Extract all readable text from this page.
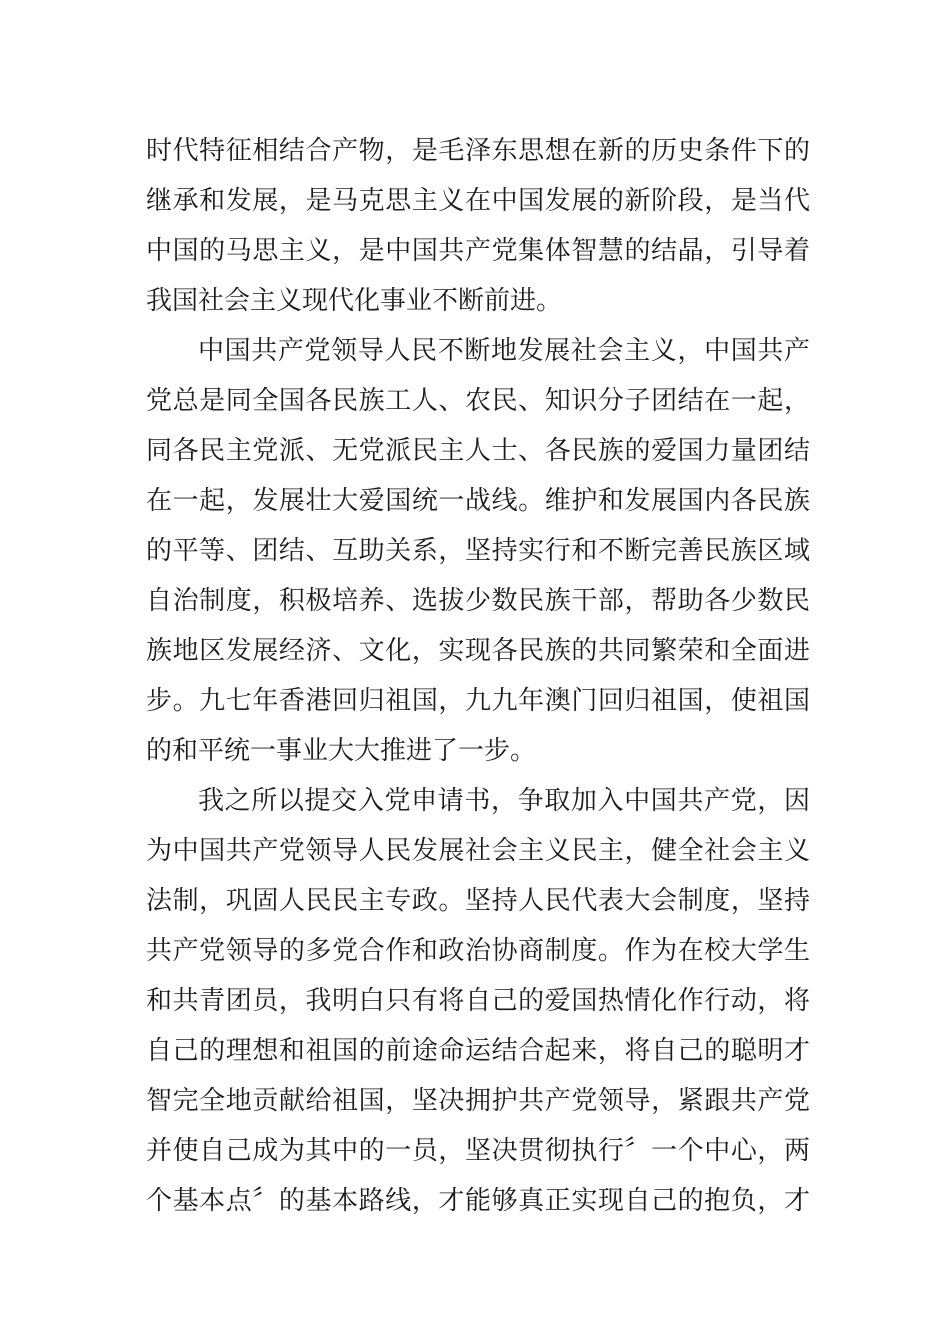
时代特征相结合产物，是毛泽东思想在新的历史条件下的
继承和发展，是马克思主义在中国发展的新阶段，是当代
中国的马思主义，是中国共产党集体智慧的结晶，引导着
我国社会主义现代化事业不断前进。
中国共产党领导人民不断地发展社会主义，中国共产
党总是同全国各民族工人、农民、知识分子团结在一起，
同各民主党派、无党派民主人士、各民族的爱国力量团结
在一起，发展壮大爱国统一战线。维护和发展国内各民族
的平等、团结、互助关系，坚持实行和不断完善民族区域
自治制度，积极培养、选拔少数民族干部，帮助各少数民
族地区发展经济、文化，实现各民族的共同繁荣和全面进
步。九七年香港回归祖国，九九年澳门回归祖国，使祖国
的和平统一事业大大推进了一步。
我之所以提交入党申请书，争取加入中国共产党，因
为中国共产党领导人民发展社会主义民主，健全社会主义
法制，巩固人民民主专政。坚持人民代表大会制度，坚持
共产党领导的多党合作和政治协商制度。作为在校大学生
和共青团员，我明白只有将自己的爱国热情化作行动，将
自己的理想和祖国的前途命运结合起来，将自己的聪明才
智完全地贡献给祖国，坚决拥护共产党领导，紧跟共产党
并使自己成为其中的一员，坚决贯彻执行〞一个中心，两
个基本点〞的基本路线，才能够真正实现自己的抱负，才
